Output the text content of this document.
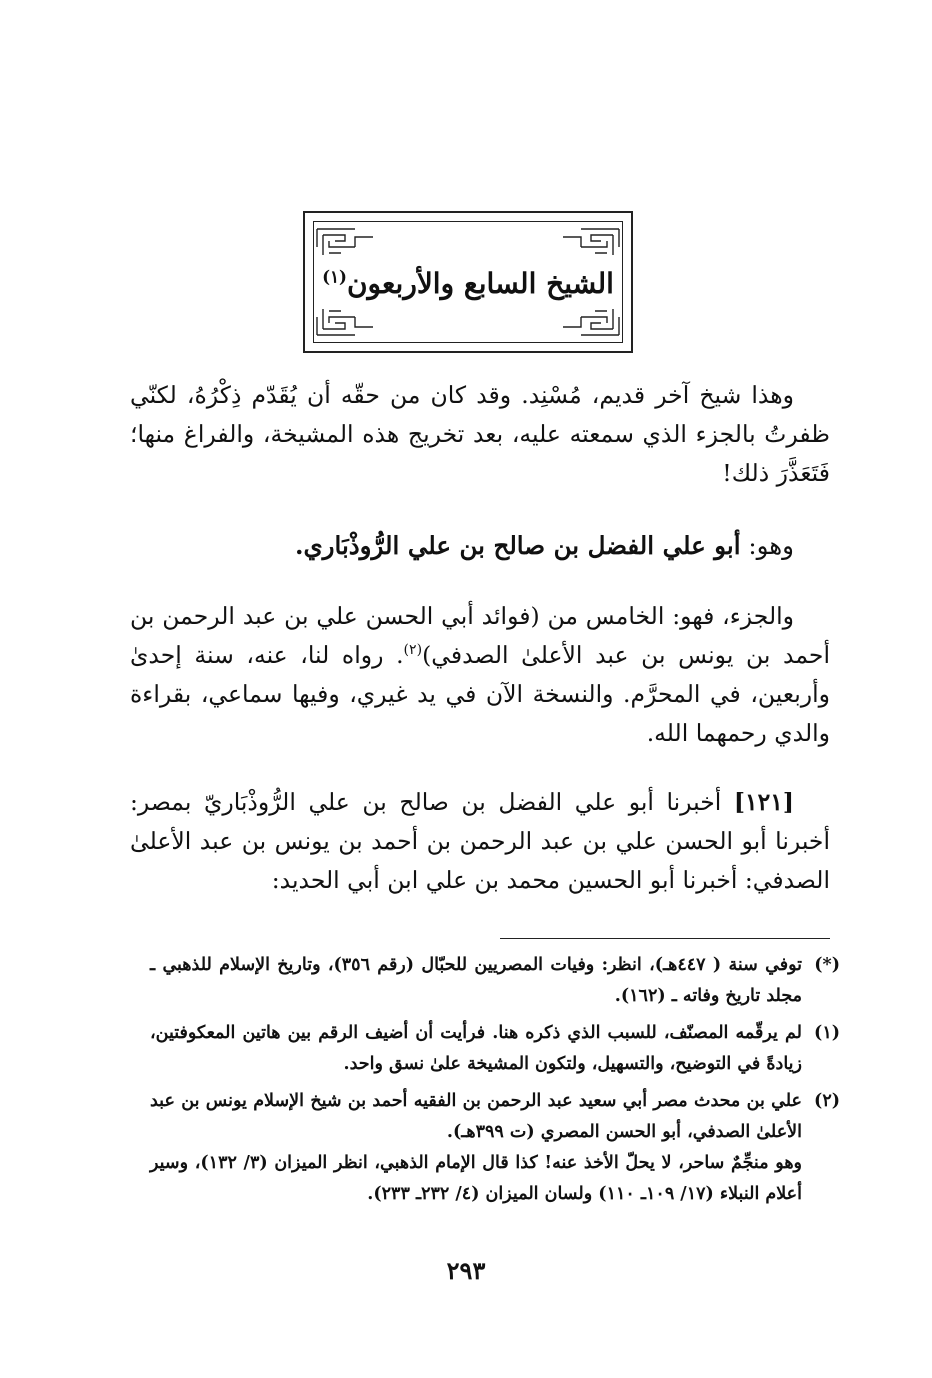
الشيخ السابع والأربعون$^{(١)}$

وهذا شيخ آخر قديم، مُسْنِد. وقد كان من حقّه أن يُقَدّم ذِكْرُهُ، لكنّي ظفرتُ بالجزء الذي سمعته عليه، بعد تخريج هذه المشيخة، والفراغ منها؛ فَتَعَذَّرَ ذلك!

وهو: أبو علي الفضل بن صالح بن علي الرُّوذْبَاري.

والجزء، فهو: الخامس من (فوائد أبي الحسن علي بن عبد الرحمن بن أحمد بن يونس بن عبد الأعلىٰ الصدفي)$^{(٢)}$. رواه لنا، عنه، سنة إحدىٰ وأربعين، في المحرَّم. والنسخة الآن في يد غيري، وفيها سماعي، بقراءة والدي رحمهما الله.

[١٢١] أخبرنا أبو علي الفضل بن صالح بن علي الرُّوذْبَاريّ بمصر: أخبرنا أبو الحسن علي بن عبد الرحمن بن أحمد بن يونس بن عبد الأعلىٰ الصدفي: أخبرنا أبو الحسين محمد بن علي ابن أبي الحديد:

(*)
توفي سنة ( ٤٤٧هـ)، انظر: وفيات المصريين للحبّال (رقم ٣٥٦)، وتاريخ الإسلام للذهبي ـ مجلد تاريخ وفاته ـ (١٦٢).
(١)
لم يرقّمه المصنّف، للسبب الذي ذكره هنا. فرأيت أن أضيف الرقم بين هاتين المعكوفتين، زيادةً في التوضيح، والتسهيل، ولتكون المشيخة علىٰ نسق واحد.
(٢)
علي بن محدث مصر أبي سعيد عبد الرحمن بن الفقيه أحمد بن شيخ الإسلام يونس بن عبد الأعلىٰ الصدفي، أبو الحسن المصري (ت ٣٩٩هـ).
وهو منجِّمٌ ساحر، لا يحلّ الأخذ عنه! كذا قال الإمام الذهبي، انظر الميزان (٣/ ١٣٢)، وسير أعلام النبلاء (١٧/ ١٠٩ـ ١١٠) ولسان الميزان (٤/ ٢٣٢ـ ٢٣٣).
٢٩٣
